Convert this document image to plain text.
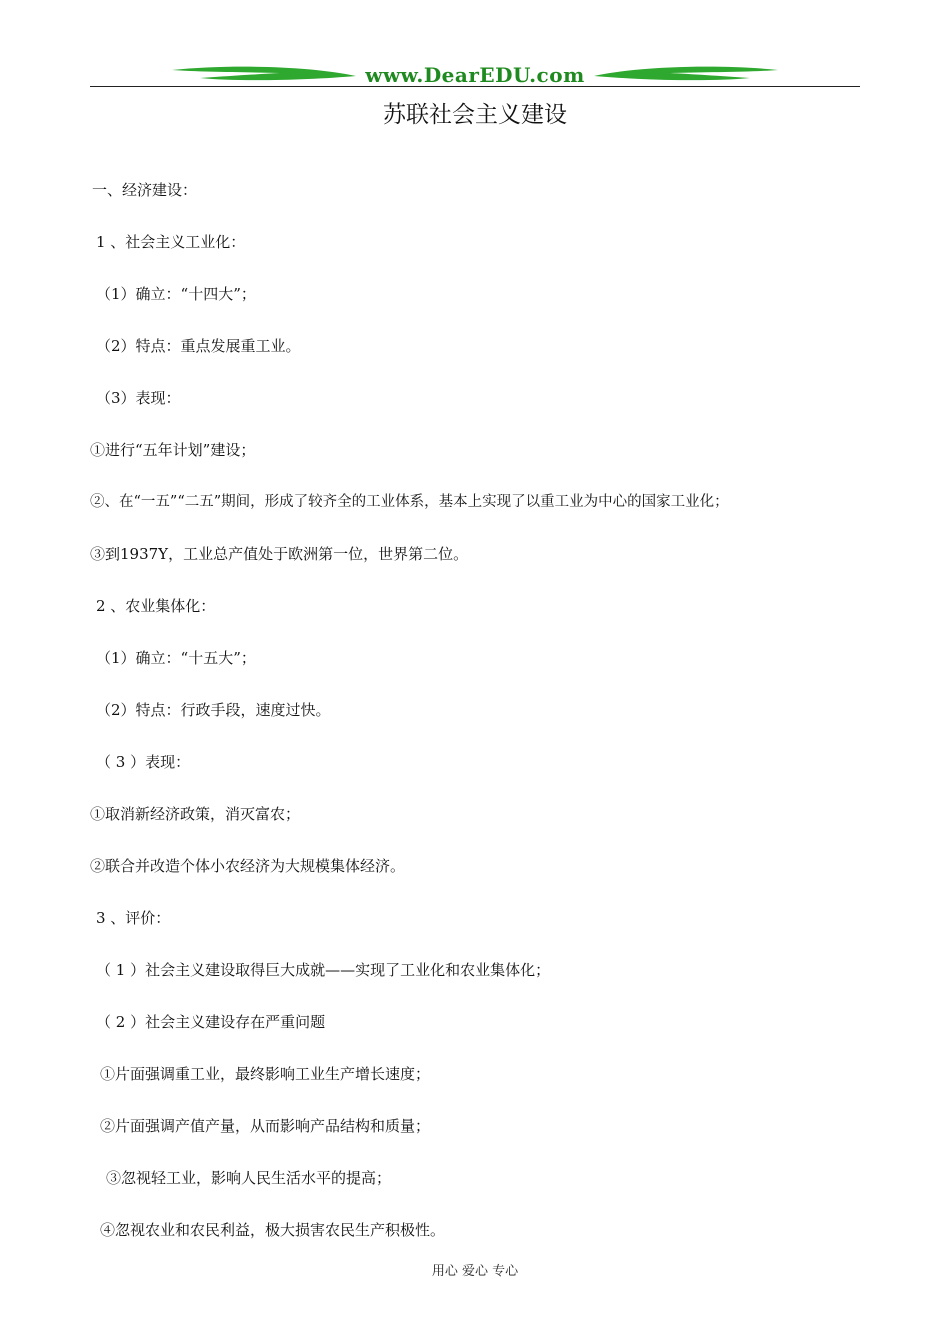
www.DearEDU.com
苏联社会主义建设
一、经济建设：
1 、社会主义工业化：
（1）确立：“十四大”；
（2）特点：重点发展重工业。
（3）表现：
①进行“五年计划”建设；
②、在“一五”“二五”期间，形成了较齐全的工业体系，基本上实现了以重工业为中心的国家工业化；
③到1937Y，工业总产值处于欧洲第一位，世界第二位。
2 、农业集体化：
（1）确立：“十五大”；
（2）特点：行政手段，速度过快。
（ 3 ）表现：
①取消新经济政策，消灭富农；
②联合并改造个体小农经济为大规模集体经济。
3 、评价：
（ 1 ）社会主义建设取得巨大成就——实现了工业化和农业集体化；
（ 2 ）社会主义建设存在严重问题
①片面强调重工业，最终影响工业生产增长速度；
②片面强调产值产量，从而影响产品结构和质量；
③忽视轻工业，影响人民生活水平的提高；
④忽视农业和农民利益，极大损害农民生产积极性。
用心 爱心 专心
